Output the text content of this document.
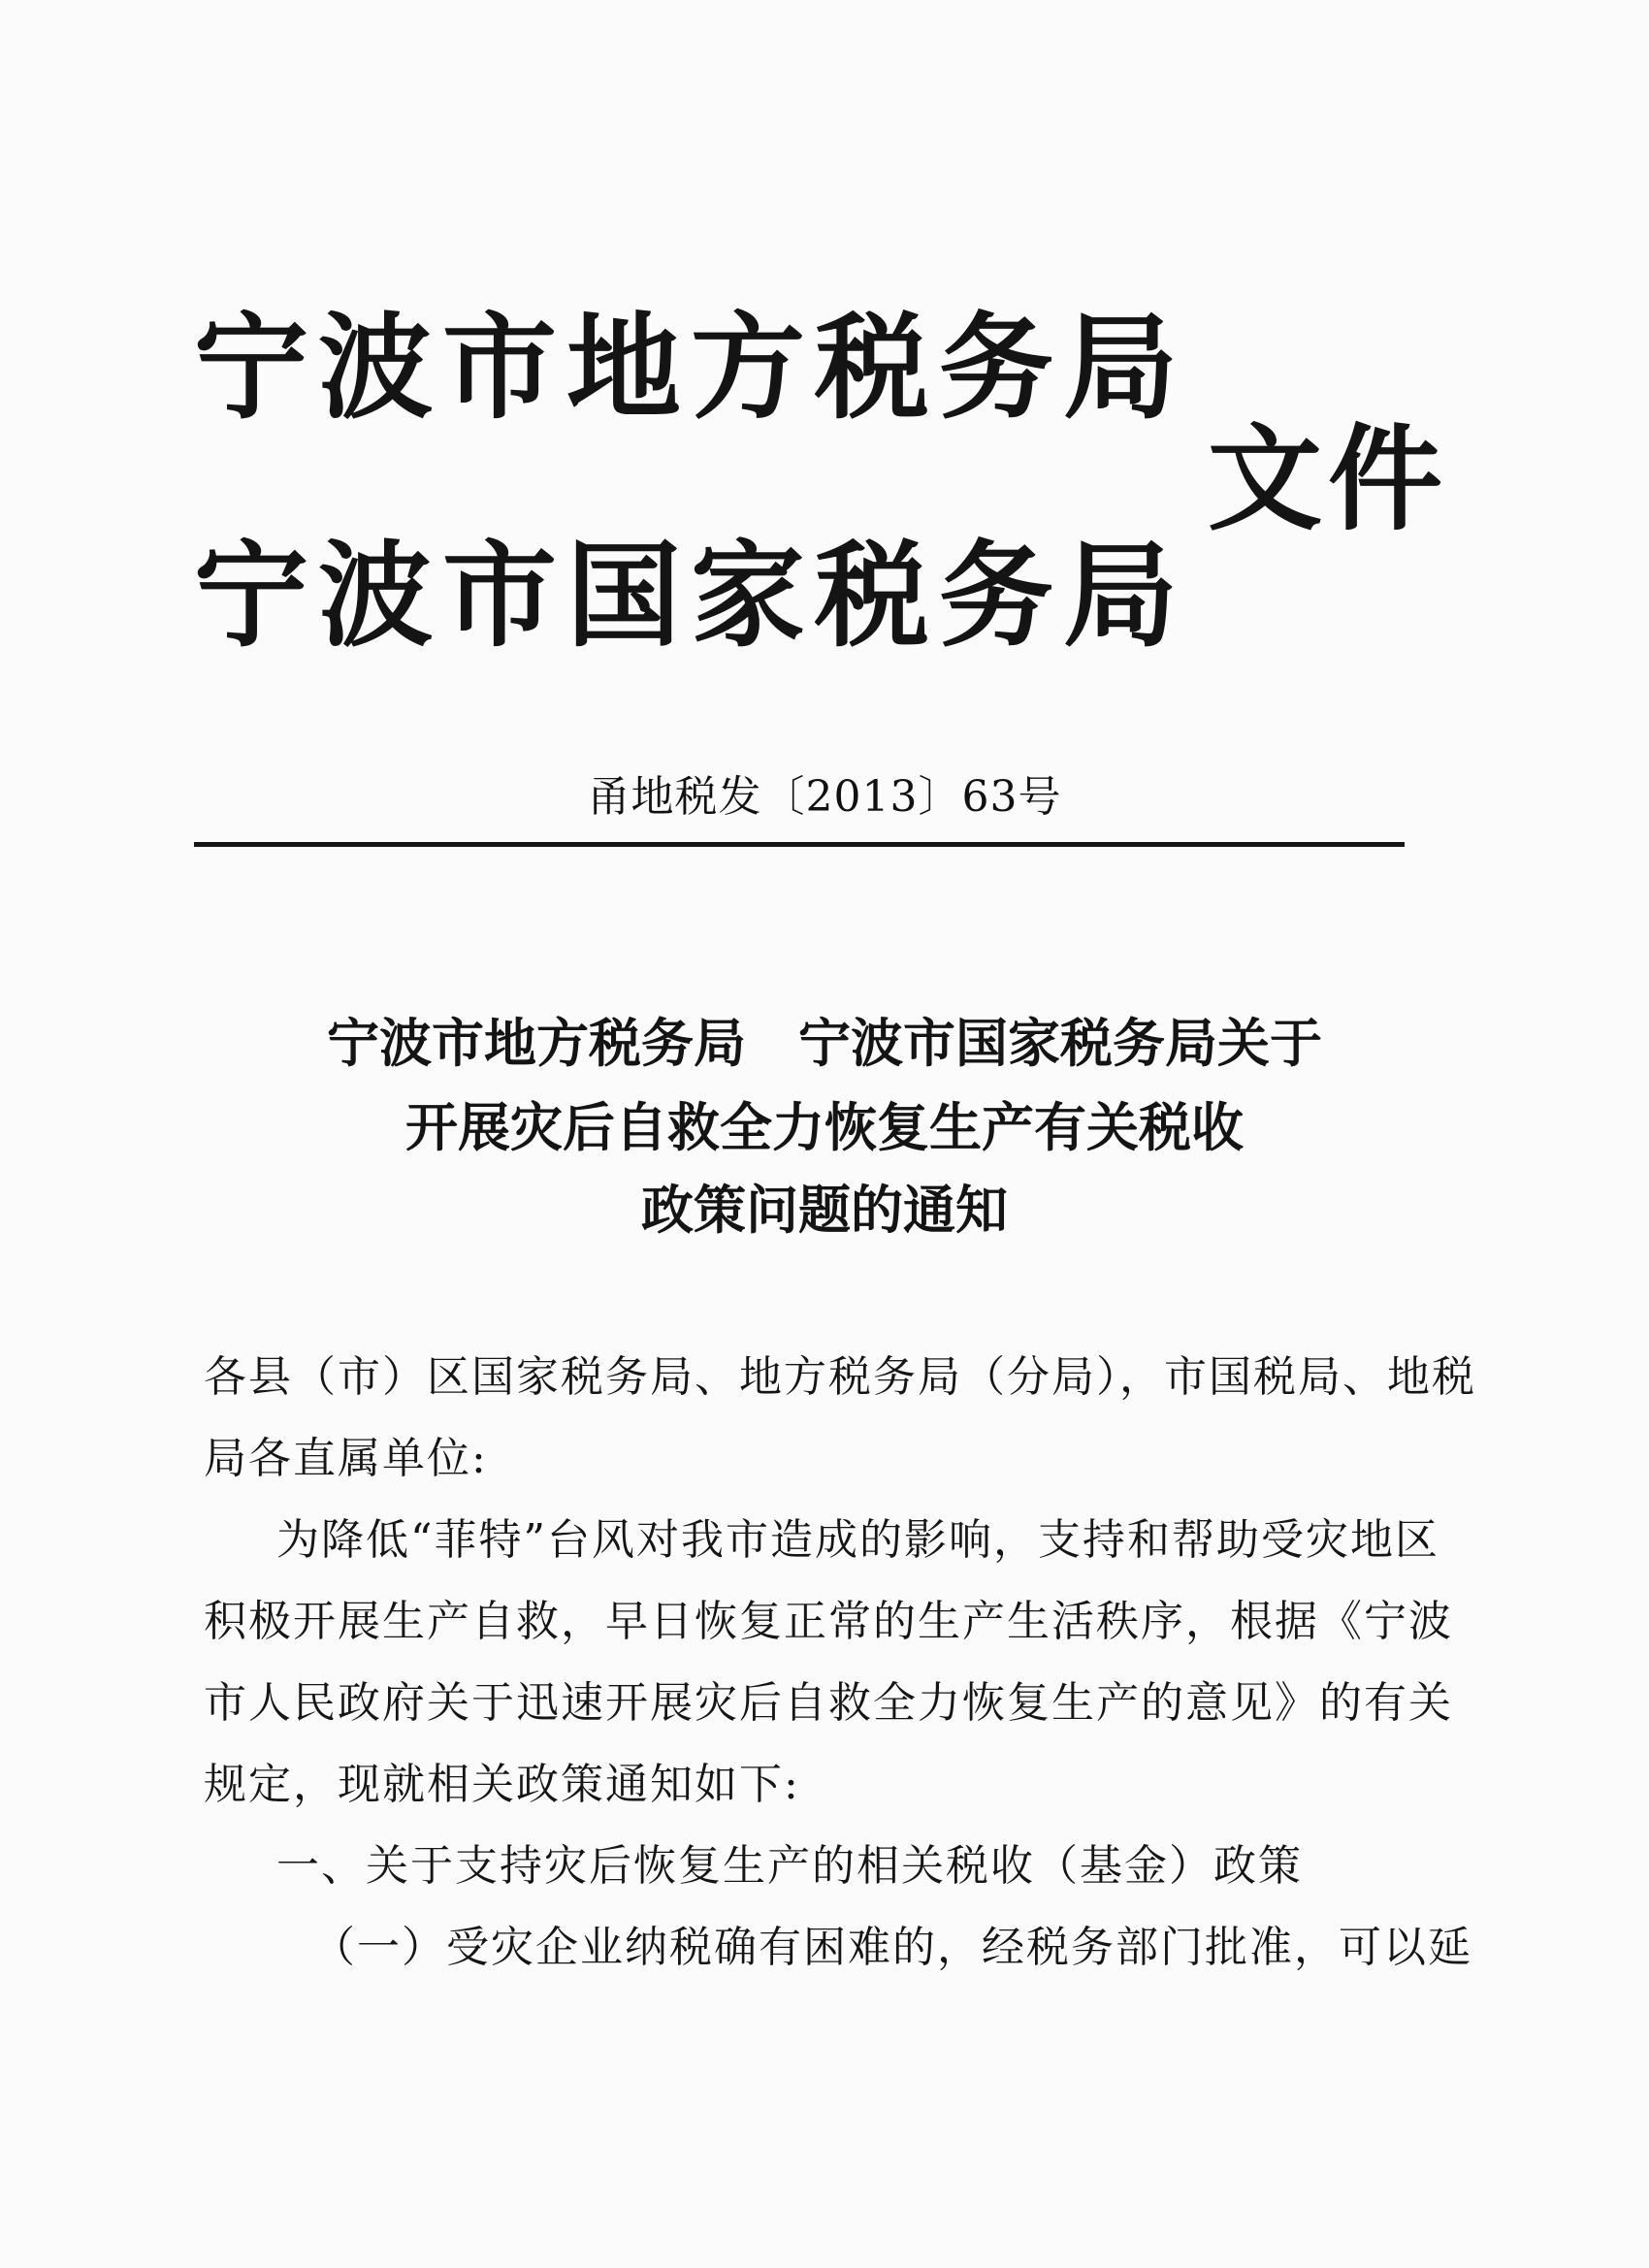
宁波市地方税务局
文件
宁波市国家税务局
甬地税发〔2013〕63号
宁波市地方税务局　宁波市国家税务局关于
开展灾后自救全力恢复生产有关税收
政策问题的通知
各县（市）区国家税务局、地方税务局（分局），市国税局、地税
局各直属单位:
为降低“菲特”台风对我市造成的影响，支持和帮助受灾地区
积极开展生产自救，早日恢复正常的生产生活秩序，根据《宁波
市人民政府关于迅速开展灾后自救全力恢复生产的意见》的有关
规定，现就相关政策通知如下:
一、关于支持灾后恢复生产的相关税收（基金）政策
（一）受灾企业纳税确有困难的，经税务部门批准，可以延
